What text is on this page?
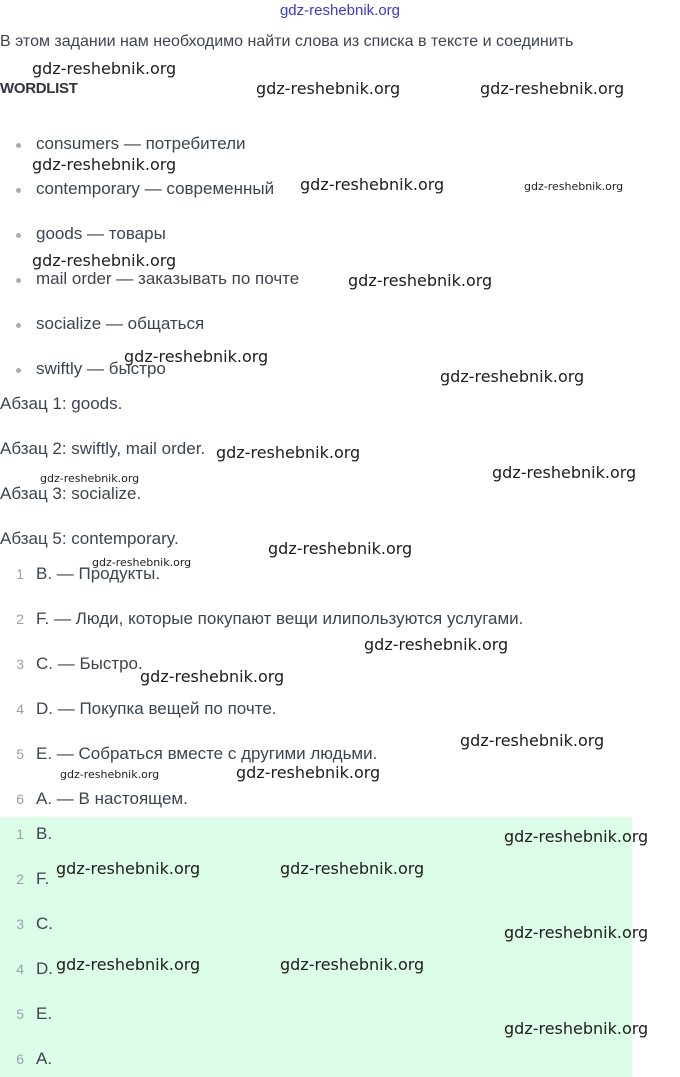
gdz-reshebnik.org
В этом задании нам необходимо найти слова из списка в тексте и соединить
WORDLIST
consumers — потребители
contemporary — современный
goods — товары
mail order — заказывать по почте
socialize — общаться
swiftly — быстро
Абзац 1: goods.
Абзац 2: swiftly, mail order.
Абзац 3: socialize.
Абзац 5: contemporary.
1 B. — Продукты.
2 F. — Люди, которые покупают вещи илипользуются услугами.
3 C. — Быстро.
4 D. — Покупка вещей по почте.
5 E. — Собраться вместе с другими людьми.
6 A. — В настоящем.
1 B.
2 F.
3 C.
4 D.
5 E.
6 A.
gdz-reshebnik.org
gdz-reshebnik.org	gdz-reshebnik.org
gdz-reshebnik.org
gdz-reshebnik.org	gdz-reshebnik.org
gdz-reshebnik.org
gdz-reshebnik.org
gdz-reshebnik.org
gdz-reshebnik.org
gdz-reshebnik.org
gdz-reshebnik.org
gdz-reshebnik.org
gdz-reshebnik.org
gdz-reshebnik.org
gdz-reshebnik.org
gdz-reshebnik.org
gdz-reshebnik.org
gdz-reshebnik.org	gdz-reshebnik.org
gdz-reshebnik.org
gdz-reshebnik.org	gdz-reshebnik.org
gdz-reshebnik.org
gdz-reshebnik.org	gdz-reshebnik.org
gdz-reshebnik.org
